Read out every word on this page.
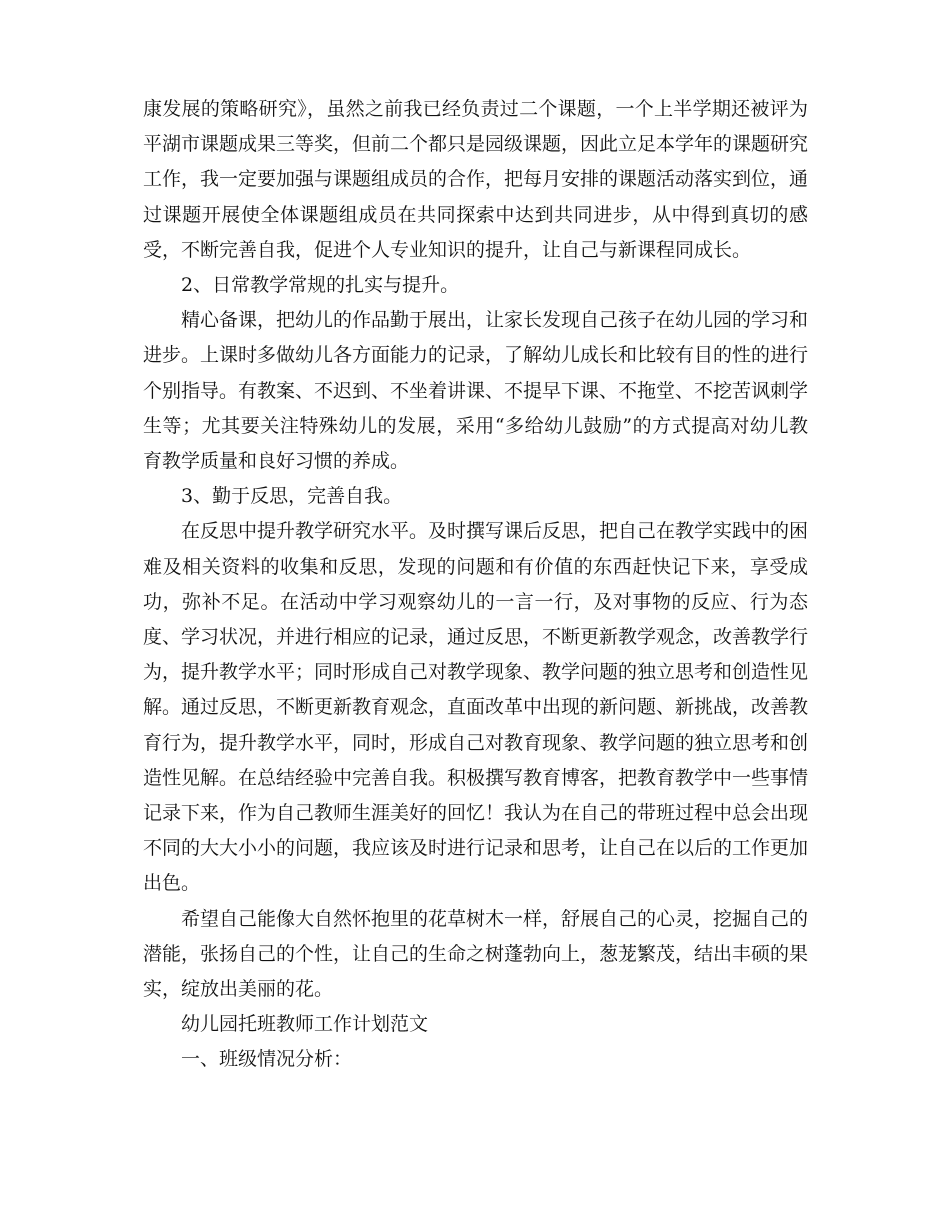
康发展的策略研究》，虽然之前我已经负责过二个课题，一个上半学期还被评为平湖市课题成果三等奖，但前二个都只是园级课题，因此立足本学年的课题研究工作，我一定要加强与课题组成员的合作，把每月安排的课题活动落实到位，通过课题开展使全体课题组成员在共同探索中达到共同进步，从中得到真切的感受，不断完善自我，促进个人专业知识的提升，让自己与新课程同成长。

2、日常教学常规的扎实与提升。

精心备课，把幼儿的作品勤于展出，让家长发现自己孩子在幼儿园的学习和进步。上课时多做幼儿各方面能力的记录，了解幼儿成长和比较有目的性的进行个别指导。有教案、不迟到、不坐着讲课、不提早下课、不拖堂、不挖苦讽刺学生等；尤其要关注特殊幼儿的发展，采用“多给幼儿鼓励”的方式提高对幼儿教育教学质量和良好习惯的养成。

3、勤于反思，完善自我。

在反思中提升教学研究水平。及时撰写课后反思，把自己在教学实践中的困难及相关资料的收集和反思，发现的问题和有价值的东西赶快记下来，享受成功，弥补不足。在活动中学习观察幼儿的一言一行，及对事物的反应、行为态度、学习状况，并进行相应的记录，通过反思，不断更新教学观念，改善教学行为，提升教学水平；同时形成自己对教学现象、教学问题的独立思考和创造性见解。通过反思，不断更新教育观念，直面改革中出现的新问题、新挑战，改善教育行为，提升教学水平，同时，形成自己对教育现象、教学问题的独立思考和创造性见解。在总结经验中完善自我。积极撰写教育博客，把教育教学中一些事情记录下来，作为自己教师生涯美好的回忆！我认为在自己的带班过程中总会出现不同的大大小小的问题，我应该及时进行记录和思考，让自己在以后的工作更加出色。

希望自己能像大自然怀抱里的花草树木一样，舒展自己的心灵，挖掘自己的潜能，张扬自己的个性，让自己的生命之树蓬勃向上，葱茏繁茂，结出丰硕的果实，绽放出美丽的花。

幼儿园托班教师工作计划范文

一、班级情况分析：
